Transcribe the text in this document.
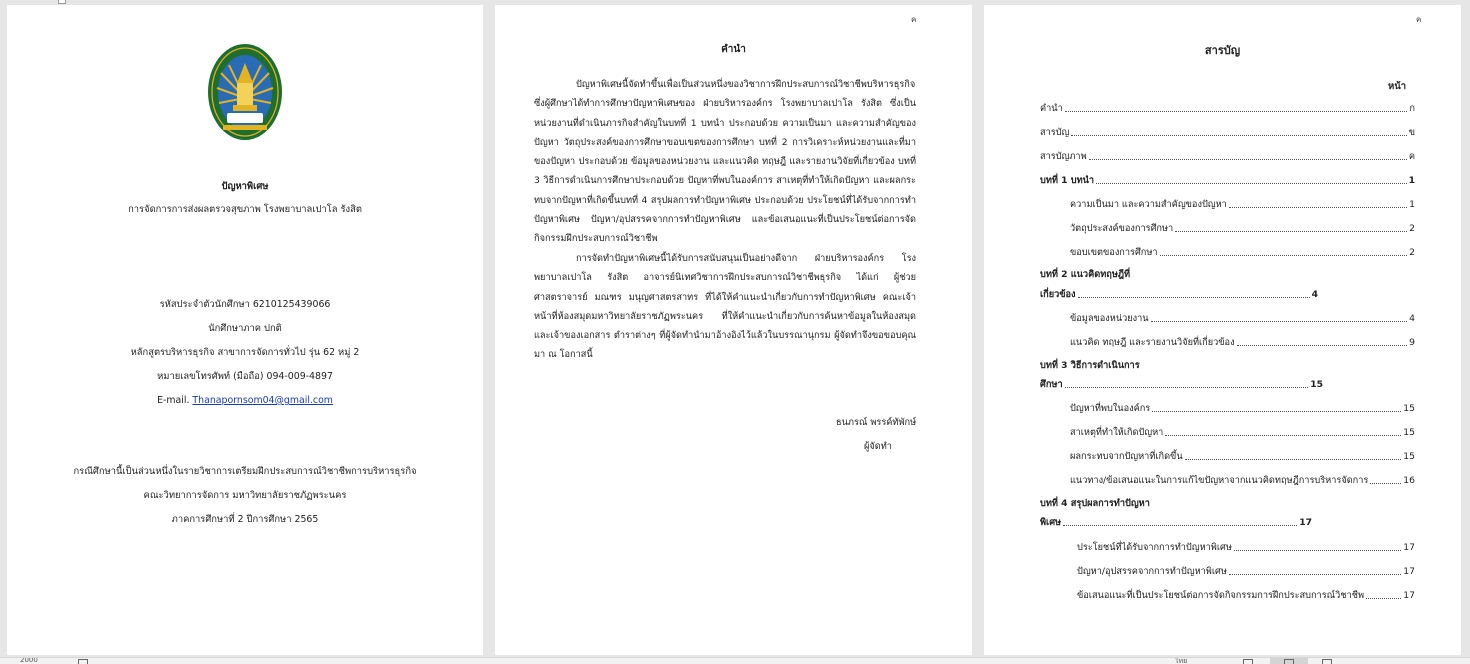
ปัญหาพิเศษ
การจัดการการส่งผลตรวจสุขภาพ โรงพยาบาลเปาโล รังสิต
รหัสประจำตัวนักศึกษา 6210125439066
นักศึกษาภาค ปกติ
หลักสูตรบริหารธุรกิจ สาขาการจัดการทั่วไป รุ่น 62 หมู่ 2
หมายเลขโทรศัพท์ (มือถือ) 094-009-4897
E-mail. Thanapornsom04@gmail.com
กรณีศึกษานี้เป็นส่วนหนึ่งในรายวิชาการเตรียมฝึกประสบการณ์วิชาชีพการบริหารธุรกิจ
คณะวิทยาการจัดการ มหาวิทยาลัยราชภัฏพระนคร
ภาคการศึกษาที่ 2 ปีการศึกษา 2565
ค
คำนำ
ปัญหาพิเศษนี้จัดทำขึ้นเพื่อเป็นส่วนหนึ่งของวิชาการฝึกประสบการณ์วิชาชีพบริหารธุรกิจซึ่งผู้ศึกษาได้ทำการศึกษาปัญหาพิเศษของ ฝ่ายบริหารองค์กร โรงพยาบาลเปาโล รังสิต ซึ่งเป็นหน่วยงานที่ดำเนินภารกิจสำคัญในบทที่ 1 บทนำ ประกอบด้วย ความเป็นมา และความสำคัญของปัญหา วัตถุประสงค์ของการศึกษาขอบเขตของการศึกษา บทที่ 2 การวิเคราะห์หน่วยงานและที่มาของปัญหา ประกอบด้วย ข้อมูลของหน่วยงาน และแนวคิด ทฤษฎี และรายงานวิจัยที่เกี่ยวข้อง บทที่ 3 วิธีการดำเนินการศึกษาประกอบด้วย ปัญหาที่พบในองค์การ สาเหตุที่ทำให้เกิดปัญหา และผลกระทบจากปัญหาที่เกิดขึ้นบทที่ 4 สรุปผลการทำปัญหาพิเศษ ประกอบด้วย ประโยชน์ที่ได้รับจากการทำปัญหาพิเศษ ปัญหา/อุปสรรคจากการทำปัญหาพิเศษ และข้อเสนอแนะที่เป็นประโยชน์ต่อการจัดกิจกรรมฝึกประสบการณ์วิชาชีพ
การจัดทำปัญหาพิเศษนี้ได้รับการสนับสนุนเป็นอย่างดีจาก ฝ่ายบริหารองค์กร โรงพยาบาลเปาโล รังสิต อาจารย์นิเทศวิชาการฝึกประสบการณ์วิชาชีพธุรกิจ ได้แก่ ผู้ช่วยศาสตราจารย์ มณฑร มนุญศาสตรสาทร ที่ได้ให้คำแนะนำเกี่ยวกับการทำปัญหาพิเศษ คณะเจ้าหน้าที่ห้องสมุดมหาวิทยาลัยราชภัฏพระนคร ที่ให้คำแนะนำเกี่ยวกับการค้นหาข้อมูลในห้องสมุด และเจ้าของเอกสาร ตำราต่างๆ ที่ผู้จัดทำนำมาอ้างอิงไว้แล้วในบรรณานุกรม ผู้จัดทำจึงขอขอบคุณมา ณ โอกาสนี้
ธนภรณ์ พรรค์ทัพักษ์
ผู้จัดทำ
ค
สารบัญ
หน้า
คำนำ	ก
สารบัญ	ข
สารบัญภาพ	ค
บทที่ 1 บทนำ	1
ความเป็นมา และความสำคัญของปัญหา	1
วัตถุประสงค์ของการศึกษา	2
ขอบเขตของการศึกษา	2
บทที่ 2 แนวคิดทฤษฎีที่
เกี่ยวข้อง	4
ข้อมูลของหน่วยงาน	4
แนวคิด ทฤษฎี และรายงานวิจัยที่เกี่ยวข้อง	9
บทที่ 3 วิธีการดำเนินการ
ศึกษา	15
ปัญหาที่พบในองค์กร	15
สาเหตุที่ทำให้เกิดปัญหา	15
ผลกระทบจากปัญหาที่เกิดขึ้น	15
แนวทาง/ข้อเสนอแนะในการแก้ไขปัญหาจากแนวคิดทฤษฎีการบริหารจัดการ	16
บทที่ 4 สรุปผลการทำปัญหา
พิเศษ	17
ประโยชน์ที่ได้รับจากการทำปัญหาพิเศษ	17
ปัญหา/อุปสรรคจากการทำปัญหาพิเศษ	17
ข้อเสนอแนะที่เป็นประโยชน์ต่อการจัดกิจกรรมการฝึกประสบการณ์วิชาชีพ	17
2000	ไทย
